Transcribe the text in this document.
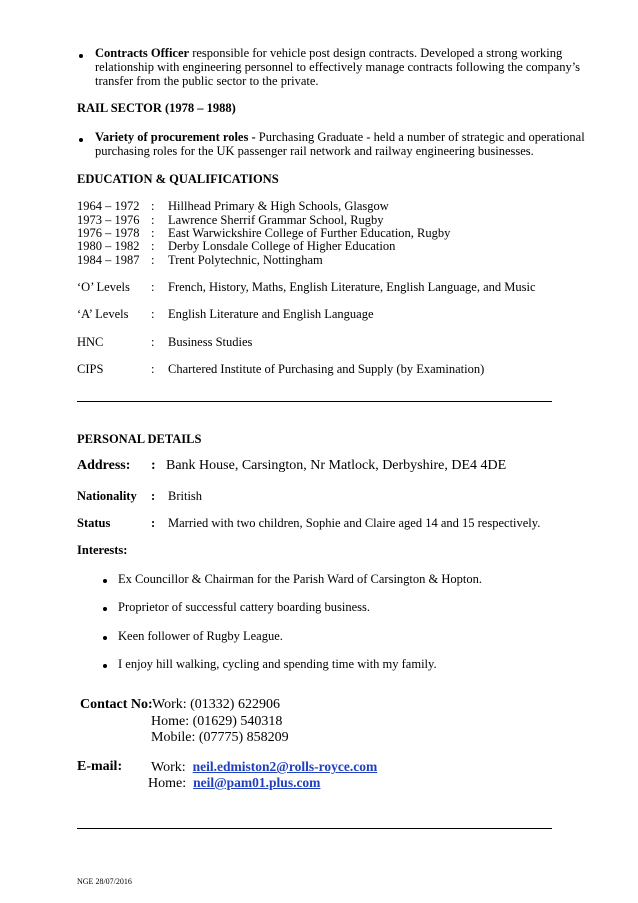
Contracts Officer responsible for vehicle post design contracts. Developed a strong working
relationship with engineering personnel to effectively manage contracts following the company’s
transfer from the public sector to the private.
RAIL SECTOR (1978 – 1988)
Variety of procurement roles - Purchasing Graduate - held a number of strategic and operational
purchasing roles for the UK passenger rail network and railway engineering businesses.
EDUCATION & QUALIFICATIONS
1964 – 1972 : Hillhead Primary & High Schools, Glasgow
1973 – 1976 : Lawrence Sherrif Grammar School, Rugby
1976 – 1978 : East Warwickshire College of Further Education, Rugby
1980 – 1982 : Derby Lonsdale College of Higher Education
1984 – 1987 : Trent Polytechnic, Nottingham
‘O’ Levels : French, History, Maths, English Literature, English Language, and Music
‘A’ Levels : English Literature and English Language
HNC	: Business Studies
CIPS	: Chartered Institute of Purchasing and Supply (by Examination)
PERSONAL DETAILS
Address: : Bank House, Carsington, Nr Matlock, Derbyshire, DE4 4DE
Nationality : British
Status	: Married with two children, Sophie and Claire aged 14 and 15 respectively.
Interests:
Ex Councillor & Chairman for the Parish Ward of Carsington & Hopton.
Proprietor of successful cattery boarding business.
Keen follower of Rugby League.
I enjoy hill walking, cycling and spending time with my family.
Contact No: Work: (01332) 622906
Home: (01629) 540318
Mobile: (07775) 858209
E-mail: Work: neil.edmiston2@rolls-royce.com
Home: neil@pam01.plus.com
NGE 28/07/2016
